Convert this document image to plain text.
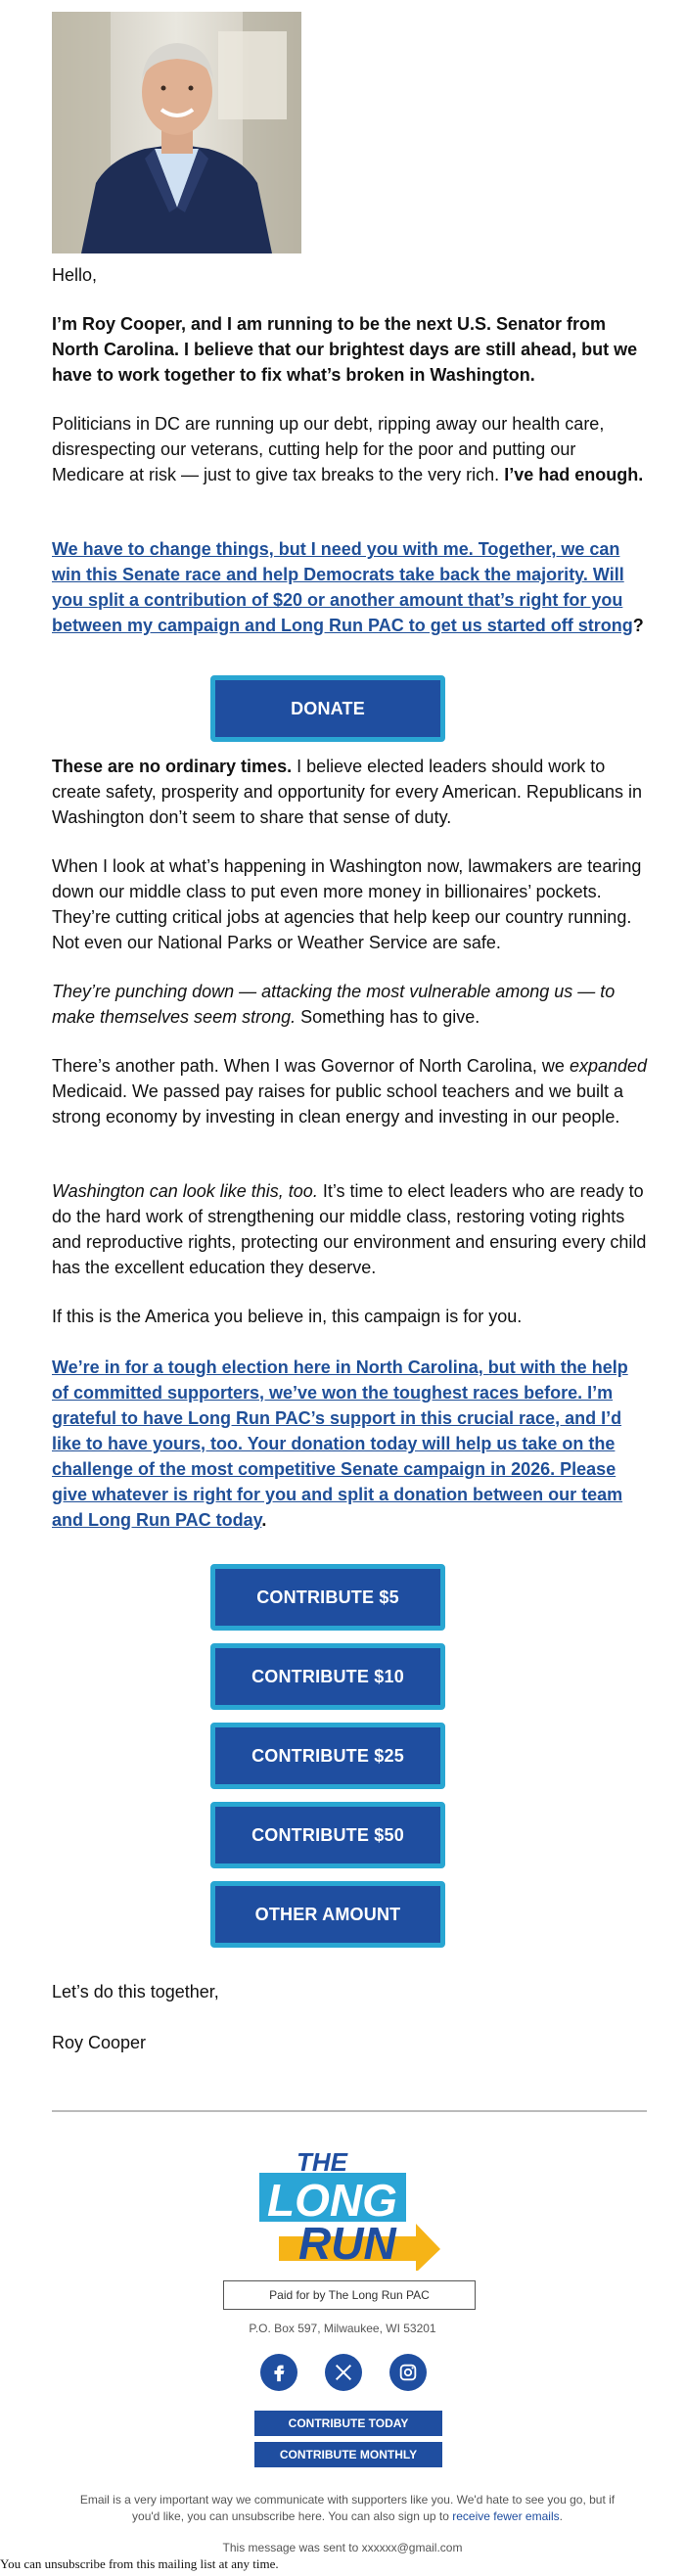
Hello,

I’m Roy Cooper, and I am running to be the next U.S. Senator from North Carolina. I believe that our brightest days are still ahead, but we have to work together to fix what’s broken in Washington.

Politicians in DC are running up our debt, ripping away our health care, disrespecting our veterans, cutting help for the poor and putting our Medicare at risk — just to give tax breaks to the very rich. I’ve had enough.

We have to change things, but I need you with me. Together, we can win this Senate race and help Democrats take back the majority. Will you split a contribution of $20 or another amount that’s right for you between my campaign and Long Run PAC to get us started off strong?

DONATE

These are no ordinary times. I believe elected leaders should work to create safety, prosperity and opportunity for every American. Republicans in Washington don’t seem to share that sense of duty.

When I look at what’s happening in Washington now, lawmakers are tearing down our middle class to put even more money in billionaires’ pockets. They’re cutting critical jobs at agencies that help keep our country running. Not even our National Parks or Weather Service are safe.

They’re punching down — attacking the most vulnerable among us — to make themselves seem strong. Something has to give.

There’s another path. When I was Governor of North Carolina, we expanded Medicaid. We passed pay raises for public school teachers and we built a strong economy by investing in clean energy and investing in our people.

Washington can look like this, too. It’s time to elect leaders who are ready to do the hard work of strengthening our middle class, restoring voting rights and reproductive rights, protecting our environment and ensuring every child has the excellent education they deserve.

If this is the America you believe in, this campaign is for you.

We’re in for a tough election here in North Carolina, but with the help of committed supporters, we’ve won the toughest races before. I’m grateful to have Long Run PAC’s support in this crucial race, and I’d like to have yours, too. Your donation today will help us take on the challenge of the most competitive Senate campaign in 2026. Please give whatever is right for you and split a donation between our team and Long Run PAC today.

CONTRIBUTE $5
CONTRIBUTE $10
CONTRIBUTE $25
CONTRIBUTE $50
OTHER AMOUNT

Let’s do this together,

Roy Cooper

THE
LONG
RUN
Paid for by The Long Run PAC
P.O. Box 597, Milwaukee, WI 53201
CONTRIBUTE TODAY
CONTRIBUTE MONTHLY
Email is a very important way we communicate with supporters like you. We'd hate to see you go, but if you'd like, you can unsubscribe here. You can also sign up to receive fewer emails.
This message was sent to xxxxxx@gmail.com
You can unsubscribe from this mailing list at any time.
